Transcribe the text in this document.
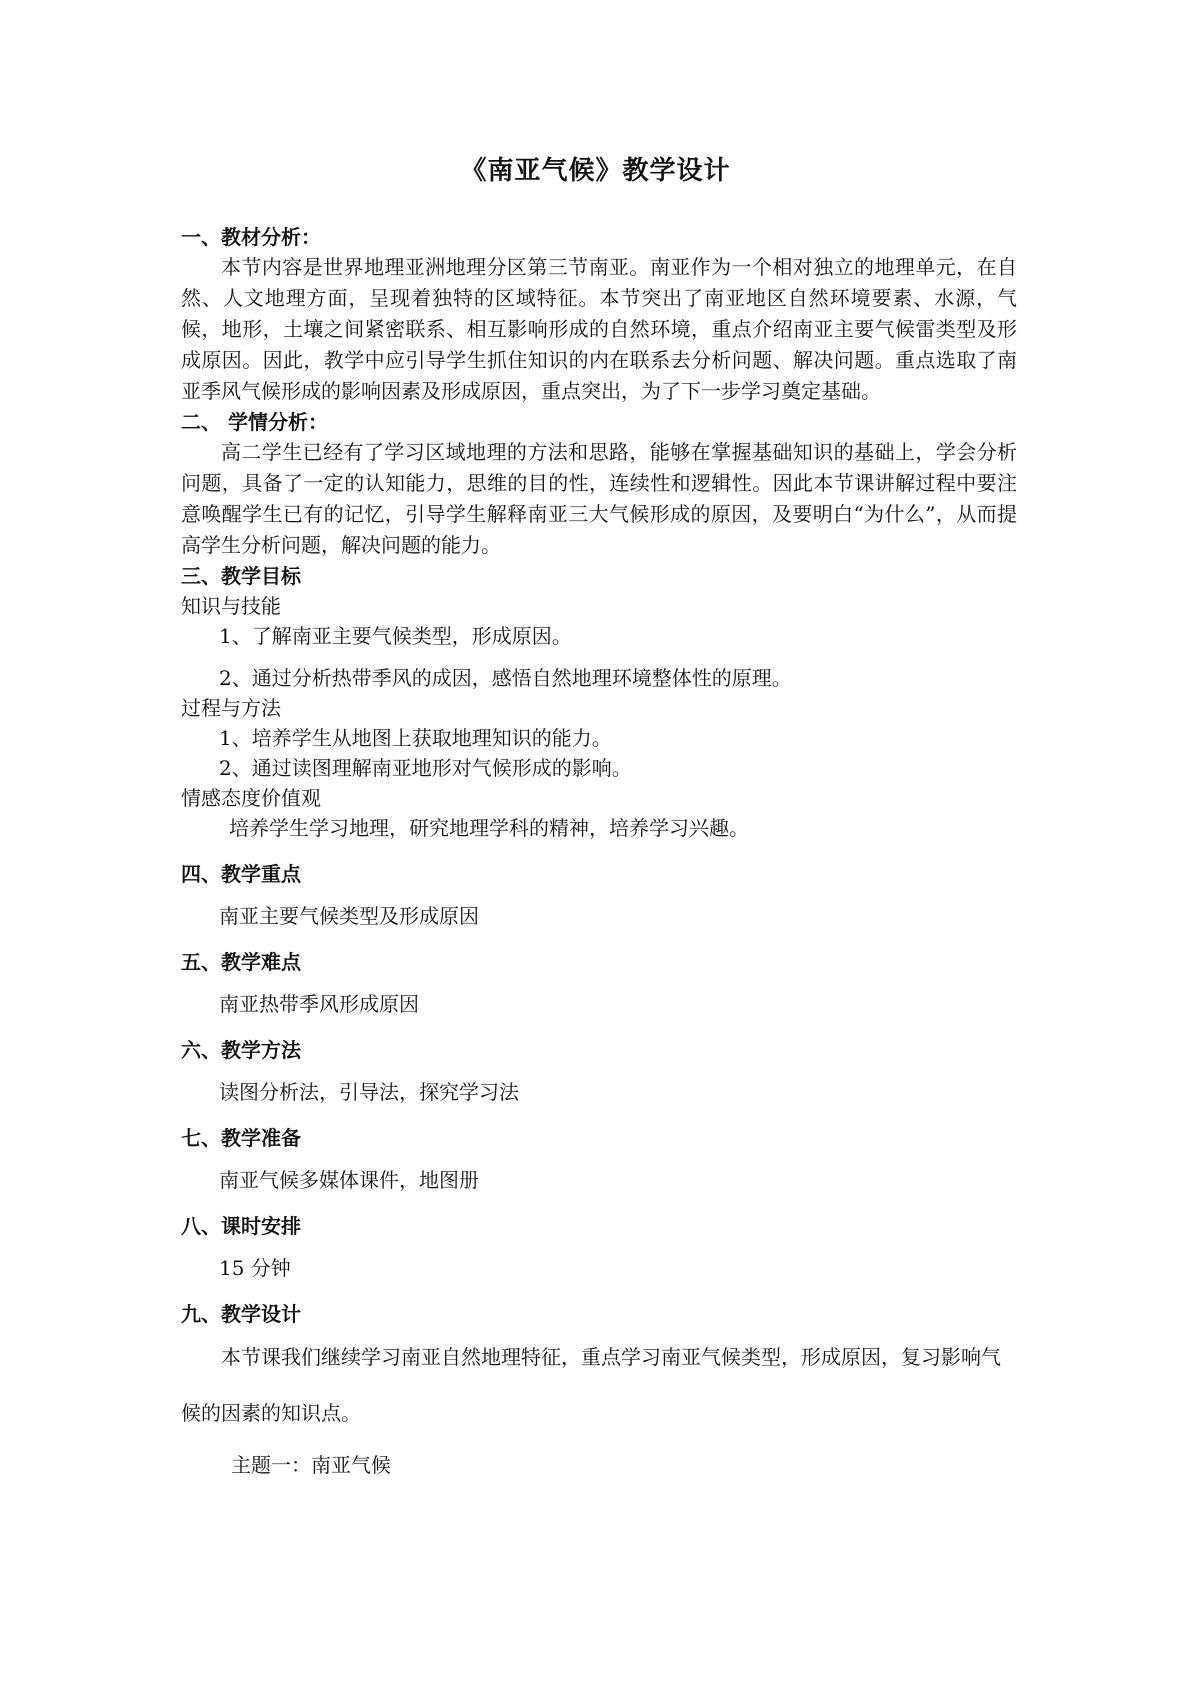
《南亚气候》教学设计
一、教材分析：

本节内容是世界地理亚洲地理分区第三节南亚。南亚作为一个相对独立的地理单元，在自然、人文地理方面，呈现着独特的区域特征。本节突出了南亚地区自然环境要素、水源，气候，地形，土壤之间紧密联系、相互影响形成的自然环境，重点介绍南亚主要气候雷类型及形成原因。因此，教学中应引导学生抓住知识的内在联系去分析问题、解决问题。重点选取了南亚季风气候形成的影响因素及形成原因，重点突出，为了下一步学习奠定基础。

二、 学情分析：

高二学生已经有了学习区域地理的方法和思路，能够在掌握基础知识的基础上，学会分析问题，具备了一定的认知能力，思维的目的性，连续性和逻辑性。因此本节课讲解过程中要注意唤醒学生已有的记忆，引导学生解释南亚三大气候形成的原因，及要明白“为什么”，从而提高学生分析问题，解决问题的能力。

三、教学目标
知识与技能
1、了解南亚主要气候类型，形成原因。
2、通过分析热带季风的成因，感悟自然地理环境整体性的原理。
过程与方法
1、培养学生从地图上获取地理知识的能力。
2、通过读图理解南亚地形对气候形成的影响。
情感态度价值观
培养学生学习地理，研究地理学科的精神，培养学习兴趣。
四、教学重点
南亚主要气候类型及形成原因
五、教学难点
南亚热带季风形成原因
六、教学方法
读图分析法，引导法，探究学习法
七、教学准备
南亚气候多媒体课件，地图册
八、课时安排
15 分钟
九、教学设计

本节课我们继续学习南亚自然地理特征，重点学习南亚气候类型，形成原因，复习影响气候的因素的知识点。

主题一：南亚气候
